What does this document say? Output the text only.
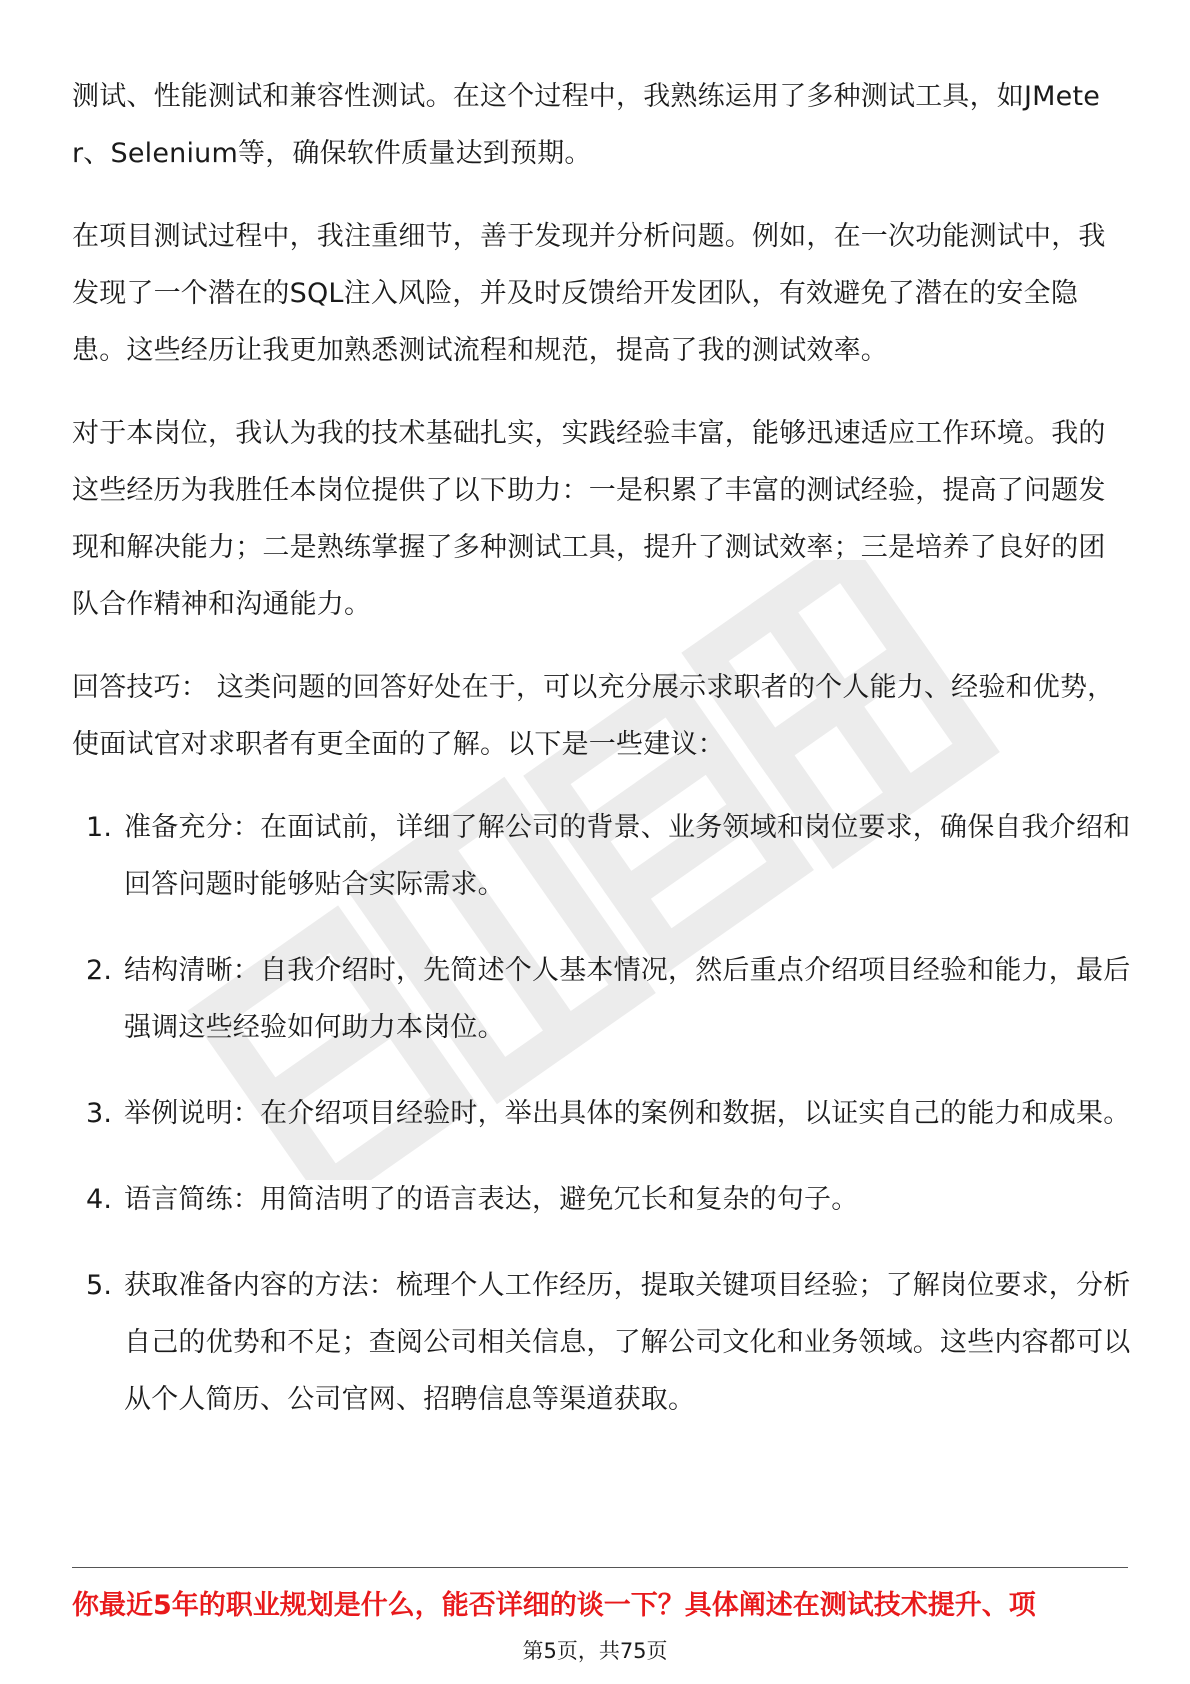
测试、性能测试和兼容性测试。在这个过程中，我熟练运用了多种测试工具，如JMeter、Selenium等，确保软件质量达到预期。

在项目测试过程中，我注重细节，善于发现并分析问题。例如，在一次功能测试中，我发现了一个潜在的SQL注入风险，并及时反馈给开发团队，有效避免了潜在的安全隐患。这些经历让我更加熟悉测试流程和规范，提高了我的测试效率。

对于本岗位，我认为我的技术基础扎实，实践经验丰富，能够迅速适应工作环境。我的这些经历为我胜任本岗位提供了以下助力：一是积累了丰富的测试经验，提高了问题发现和解决能力；二是熟练掌握了多种测试工具，提升了测试效率；三是培养了良好的团队合作精神和沟通能力。

回答技巧： 这类问题的回答好处在于，可以充分展示求职者的个人能力、经验和优势，使面试官对求职者有更全面的了解。以下是一些建议：

1. 准备充分：在面试前，详细了解公司的背景、业务领域和岗位要求，确保自我介绍和回答问题时能够贴合实际需求。
2. 结构清晰：自我介绍时，先简述个人基本情况，然后重点介绍项目经验和能力，最后强调这些经验如何助力本岗位。
3. 举例说明：在介绍项目经验时，举出具体的案例和数据，以证实自己的能力和成果。
4. 语言简练：用简洁明了的语言表达，避免冗长和复杂的句子。
5. 获取准备内容的方法：梳理个人工作经历，提取关键项目经验；了解岗位要求，分析自己的优势和不足；查阅公司相关信息，了解公司文化和业务领域。这些内容都可以从个人简历、公司官网、招聘信息等渠道获取。
你最近5年的职业规划是什么，能否详细的谈一下？具体阐述在测试技术提升、项
第5页，共75页
